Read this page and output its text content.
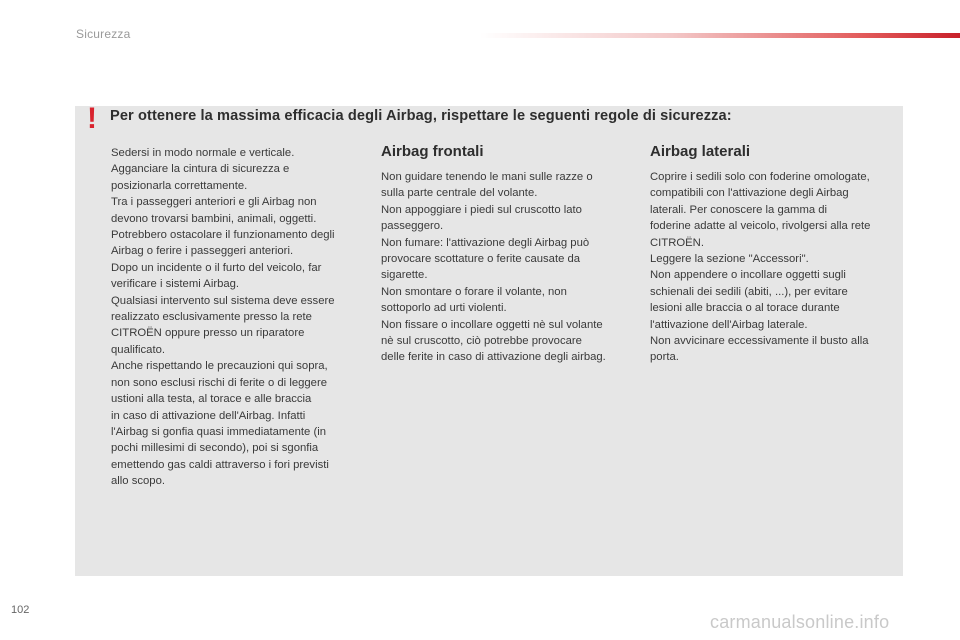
Sicurezza
! Per ottenere la massima efficacia degli Airbag, rispettare le seguenti regole di sicurezza:

Sedersi in modo normale e verticale.

Agganciare la cintura di sicurezza e

posizionarla correttamente.

Tra i passeggeri anteriori e gli Airbag non

devono trovarsi bambini, animali, oggetti.

Potrebbero ostacolare il funzionamento degli

Airbag o ferire i passeggeri anteriori.

Dopo un incidente o il furto del veicolo, far

verificare i sistemi Airbag.

Qualsiasi intervento sul sistema deve essere

realizzato esclusivamente presso la rete

CITROËN oppure presso un riparatore

qualificato.

Anche rispettando le precauzioni qui sopra,

non sono esclusi rischi di ferite o di leggere

ustioni alla testa, al torace e alle braccia

in caso di attivazione dell'Airbag. Infatti

l'Airbag si gonfia quasi immediatamente (in

pochi millesimi di secondo), poi si sgonfia

emettendo gas caldi attraverso i fori previsti

allo scopo.

Airbag frontali

Non guidare tenendo le mani sulle razze o

sulla parte centrale del volante.

Non appoggiare i piedi sul cruscotto lato

passeggero.

Non fumare: l'attivazione degli Airbag può

provocare scottature o ferite causate da

sigarette.

Non smontare o forare il volante, non

sottoporlo ad urti violenti.

Non fissare o incollare oggetti nè sul volante

nè sul cruscotto, ciò potrebbe provocare

delle ferite in caso di attivazione degli airbag.

Airbag laterali

Coprire i sedili solo con foderine omologate,

compatibili con l'attivazione degli Airbag

laterali. Per conoscere la gamma di

foderine adatte al veicolo, rivolgersi alla rete

CITROËN.

Leggere la sezione "Accessori".

Non appendere o incollare oggetti sugli

schienali dei sedili (abiti, ...), per evitare

lesioni alle braccia o al torace durante

l'attivazione dell'Airbag laterale.

Non avvicinare eccessivamente il busto alla

porta.

102
carmanualsonline.info
